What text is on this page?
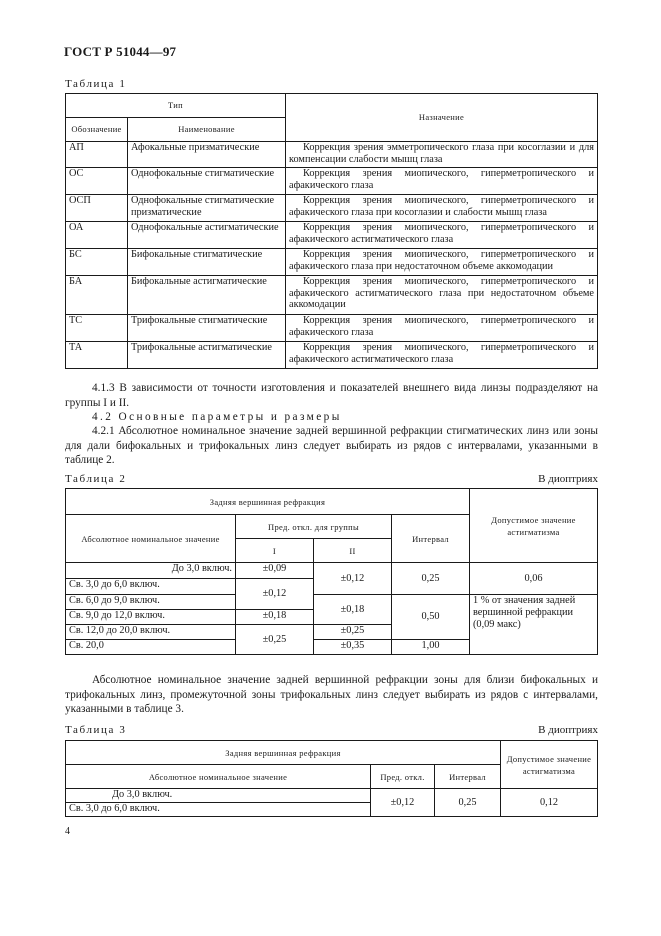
ГОСТ Р 51044—97
Таблица 1
Тип		Назначение
Обозначение	Наименование	
АП	Афокальные призматические	Коррекция зрения эмметропического глаза при косоглазии и для компенсации слабости мышц глаза
ОС	Однофокальные стигматические	Коррекция зрения миопического, гиперметропического и афакического глаза
ОСП	Однофокальные стигматические призматические	Коррекция зрения миопического, гиперметропического и афакического глаза при косоглазии и слабости мышц глаза
ОА	Однофокальные астигматические	Коррекция зрения миопического, гиперметропического и афакического астигматического глаза
БС	Бифокальные стигматические	Коррекция зрения миопического, гиперметропического и афакического глаза при недостаточном объеме аккомодации
БА	Бифокальные астигматические	Коррекция зрения миопического, гиперметропического и афакического астигматического глаза при недостаточном объеме аккомодации
ТС	Трифокальные стигматические	Коррекция зрения миопического, гиперметропического и афакического глаза
ТА	Трифокальные астигматические	Коррекция зрения миопического, гиперметропического и афакического астигматического глаза
4.1.3 В зависимости от точности изготовления и показателей внешнего вида линзы подразделяют на группы I и II.
4.2 Основные параметры и размеры
4.2.1 Абсолютное номинальное значение задней вершинной рефракции стигматических линз или зоны для дали бифокальных и трифокальных линз следует выбирать из рядов с интервалами, указанными в таблице 2.
Таблица 2	В диоптриях
Задняя вершинная рефракция				Допустимое значение астигматизма
Абсолютное номинальное значение	Пред. откл. для группы		Интервал	
	I	II		
До 3,0 включ.	±0,09	±0,12	0,25	0,06
Св. 3,0 до 6,0 включ.	±0,12			
Св. 6,0 до 9,0 включ.		±0,18	0,50	1 % от значения задней вершинной рефракции (0,09 макс)
Св. 9,0 до 12,0 включ.	±0,18			
Св. 12,0 до 20,0 включ.	±0,25	±0,25		
Св. 20,0		±0,35	1,00	
Абсолютное номинальное значение задней вершинной рефракции зоны для близи бифокальных и трифокальных линз, промежуточной зоны трифокальных линз следует выбирать из рядов с интервалами, указанными в таблице 3.
Таблица 3	В диоптриях
Задняя вершинная рефракция			Допустимое значение астигматизма
Абсолютное номинальное значение	Пред. откл.	Интервал	
До 3,0 включ.	±0,12	0,25	0,12
Св. 3,0 до 6,0 включ.			
4
